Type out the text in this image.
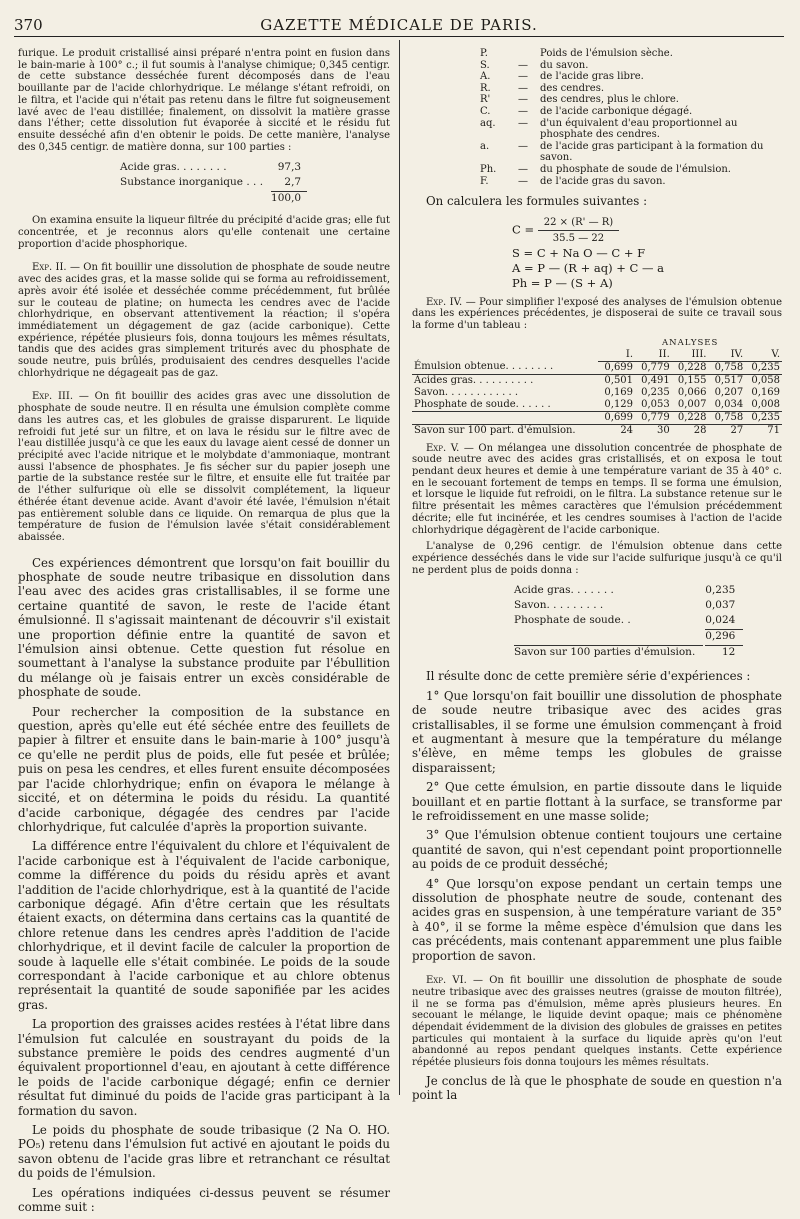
370	GAZETTE MÉDICALE DE PARIS.

furique. Le produit cristallisé ainsi préparé n'entra point en fusion dans le bain-marie à 100° c.; il fut soumis à l'analyse chimique; 0,345 centigr. de cette substance desséchée furent décomposés dans de l'eau bouillante par de l'acide chlorhydrique. Le mélange s'étant refroidi, on le filtra, et l'acide qui n'était pas retenu dans le filtre fut soigneusement lavé avec de l'eau distillée; finalement, on dissolvit la matière grasse dans l'éther; cette dissolution fut évaporée à siccité et le résidu fut ensuite desséché afin d'en obtenir le poids. De cette manière, l'analyse des 0,345 centigr. de matière donna, sur 100 parties :

Acide gras. . . . . . . .	97,3
Substance inorganique . . .	2,7
	100,0

On examina ensuite la liqueur filtrée du précipité d'acide gras; elle fut concentrée, et je reconnus alors qu'elle contenait une certaine proportion d'acide phosphorique.

Exp. II. — On fit bouillir une dissolution de phosphate de soude neutre avec des acides gras, et la masse solide qui se forma au refroidissement, après avoir été isolée et desséchée comme précédemment, fut brûlée sur le couteau de platine; on humecta les cendres avec de l'acide chlorhydrique, en observant attentivement la réaction; il s'opéra immédiatement un dégagement de gaz (acide carbonique). Cette expérience, répétée plusieurs fois, donna toujours les mêmes résultats, tandis que des acides gras simplement triturés avec du phosphate de soude neutre, puis brûlés, produisaient des cendres desquelles l'acide chlorhydrique ne dégageait pas de gaz.

Exp. III. — On fit bouillir des acides gras avec une dissolution de phosphate de soude neutre. Il en résulta une émulsion complète comme dans les autres cas, et les globules de graisse disparurent. Le liquide refroidi fut jeté sur un filtre, et on lava le résidu sur le filtre avec de l'eau distillée jusqu'à ce que les eaux du lavage aient cessé de donner un précipité avec l'acide nitrique et le molybdate d'ammoniaque, montrant aussi l'absence de phosphates. Je fis sécher sur du papier joseph une partie de la substance restée sur le filtre, et ensuite elle fut traitée par de l'éther sulfurique où elle se dissolvit complétement, la liqueur éthérée étant devenue acide. Avant d'avoir été lavée, l'émulsion n'était pas entièrement soluble dans ce liquide. On remarqua de plus que la température de fusion de l'émulsion lavée s'était considérablement abaissée.

Ces expériences démontrent que lorsqu'on fait bouillir du phosphate de soude neutre tribasique en dissolution dans l'eau avec des acides gras cristallisables, il se forme une certaine quantité de savon, le reste de l'acide étant émulsionné. Il s'agissait maintenant de découvrir s'il existait une proportion définie entre la quantité de savon et l'émulsion ainsi obtenue. Cette question fut résolue en soumettant à l'analyse la substance produite par l'ébullition du mélange où je faisais entrer un excès considérable de phosphate de soude.

Pour rechercher la composition de la substance en question, après qu'elle eut été séchée entre des feuillets de papier à filtrer et ensuite dans le bain-marie à 100° jusqu'à ce qu'elle ne perdit plus de poids, elle fut pesée et brûlée; puis on pesa les cendres, et elles furent ensuite décomposées par l'acide chlorhydrique; enfin on évapora le mélange à siccité, et on détermina le poids du résidu. La quantité d'acide carbonique, dégagée des cendres par l'acide chlorhydrique, fut calculée d'après la proportion suivante.

La différence entre l'équivalent du chlore et l'équivalent de l'acide carbonique est à l'équivalent de l'acide carbonique, comme la différence du poids du résidu après et avant l'addition de l'acide chlorhydrique, est à la quantité de l'acide carbonique dégagé. Afin d'être certain que les résultats étaient exacts, on détermina dans certains cas la quantité de chlore retenue dans les cendres après l'addition de l'acide chlorhydrique, et il devint facile de calculer la proportion de soude à laquelle elle s'était combinée. Le poids de la soude correspondant à l'acide carbonique et au chlore obtenus représentait la quantité de soude saponifiée par les acides gras.

La proportion des graisses acides restées à l'état libre dans l'émulsion fut calculée en soustrayant du poids de la substance première le poids des cendres augmenté d'un équivalent proportionnel d'eau, en ajoutant à cette différence le poids de l'acide carbonique dégagé; enfin ce dernier résultat fut diminué du poids de l'acide gras participant à la formation du savon.

Le poids du phosphate de soude tribasique (2 Na O. HO. PO₅) retenu dans l'émulsion fut activé en ajoutant le poids du savon obtenu de l'acide gras libre et retranchant ce résultat du poids de l'émulsion.

Les opérations indiquées ci-dessus peuvent se résumer comme suit :

P.	Poids de l'émulsion sèche.
S.	—	du savon.
A.	—	de l'acide gras libre.
R.	—	des cendres.
R'	—	des cendres, plus le chlore.
C.	—	de l'acide carbonique dégagé.
aq.	—	d'un équivalent d'eau proportionnel au phosphate des cendres.
a.	—	de l'acide gras participant à la formation du savon.
Ph.	—	du phosphate de soude de l'émulsion.
F.	—	de l'acide gras du savon.

On calculera les formules suivantes :

$C = \frac{22 \times (R' — R)}{35.5 — 22}$
S = C + Na O — C + F
A = P — (R + aq) + C — a
Ph = P — (S + A)

Exp. IV. — Pour simplifier l'exposé des analyses de l'émulsion obtenue dans les expériences précédentes, je disposerai de suite ce travail sous la forme d'un tableau :

	ANALYSES				
	I.	II.	III.	IV.	V.
Émulsion obtenue. . . . . . . .	0,699	0,779	0,228	0,758	0,235
Acides gras. . . . . . . . . .	0,501	0,491	0,155	0,517	0,058
Savon. . . . . . . . . . . .	0,169	0,235	0,066	0,207	0,169
Phosphate de soude. . . . . .	0,129	0,053	0,007	0,034	0,008
	0,699	0,779	0,228	0,758	0,235
Savon sur 100 part. d'émulsion.	24	30	28	27	71

Exp. V. — On mélangea une dissolution concentrée de phosphate de soude neutre avec des acides gras cristallisés, et on exposa le tout pendant deux heures et demie à une température variant de 35 à 40° c. en le secouant fortement de temps en temps. Il se forma une émulsion, et lorsque le liquide fut refroidi, on le filtra. La substance retenue sur le filtre présentait les mêmes caractères que l'émulsion précédemment décrite; elle fut incinérée, et les cendres soumises à l'action de l'acide chlorhydrique dégagèrent de l'acide carbonique.

L'analyse de 0,296 centigr. de l'émulsion obtenue dans cette expérience desséchés dans le vide sur l'acide sulfurique jusqu'à ce qu'il ne perdent plus de poids donna :

Acide gras. . . . . . .	0,235
Savon. . . . . . . . .	0,037
Phosphate de soude. .	0,024
	0,296
Savon sur 100 parties d'émulsion.	12

Il résulte donc de cette première série d'expériences :

1° Que lorsqu'on fait bouillir une dissolution de phosphate de soude neutre tribasique avec des acides gras cristallisables, il se forme une émulsion commençant à froid et augmentant à mesure que la température du mélange s'élève, en même temps les globules de graisse disparaissent;

2° Que cette émulsion, en partie dissoute dans le liquide bouillant et en partie flottant à la surface, se transforme par le refroidissement en une masse solide;

3° Que l'émulsion obtenue contient toujours une certaine quantité de savon, qui n'est cependant point proportionnelle au poids de ce produit desséché;

4° Que lorsqu'on expose pendant un certain temps une dissolution de phosphate neutre de soude, contenant des acides gras en suspension, à une température variant de 35° à 40°, il se forme la même espèce d'émulsion que dans les cas précédents, mais contenant apparemment une plus faible proportion de savon.

Exp. VI. — On fit bouillir une dissolution de phosphate de soude neutre tribasique avec des graisses neutres (graisse de mouton filtrée), il ne se forma pas d'émulsion, même après plusieurs heures. En secouant le mélange, le liquide devint opaque; mais ce phénomène dépendait évidemment de la division des globules de graisses en petites particules qui montaient à la surface du liquide après qu'on l'eut abandonné au repos pendant quelques instants. Cette expérience répétée plusieurs fois donna toujours les mêmes résultats.

Je conclus de là que le phosphate de soude en question n'a point la
